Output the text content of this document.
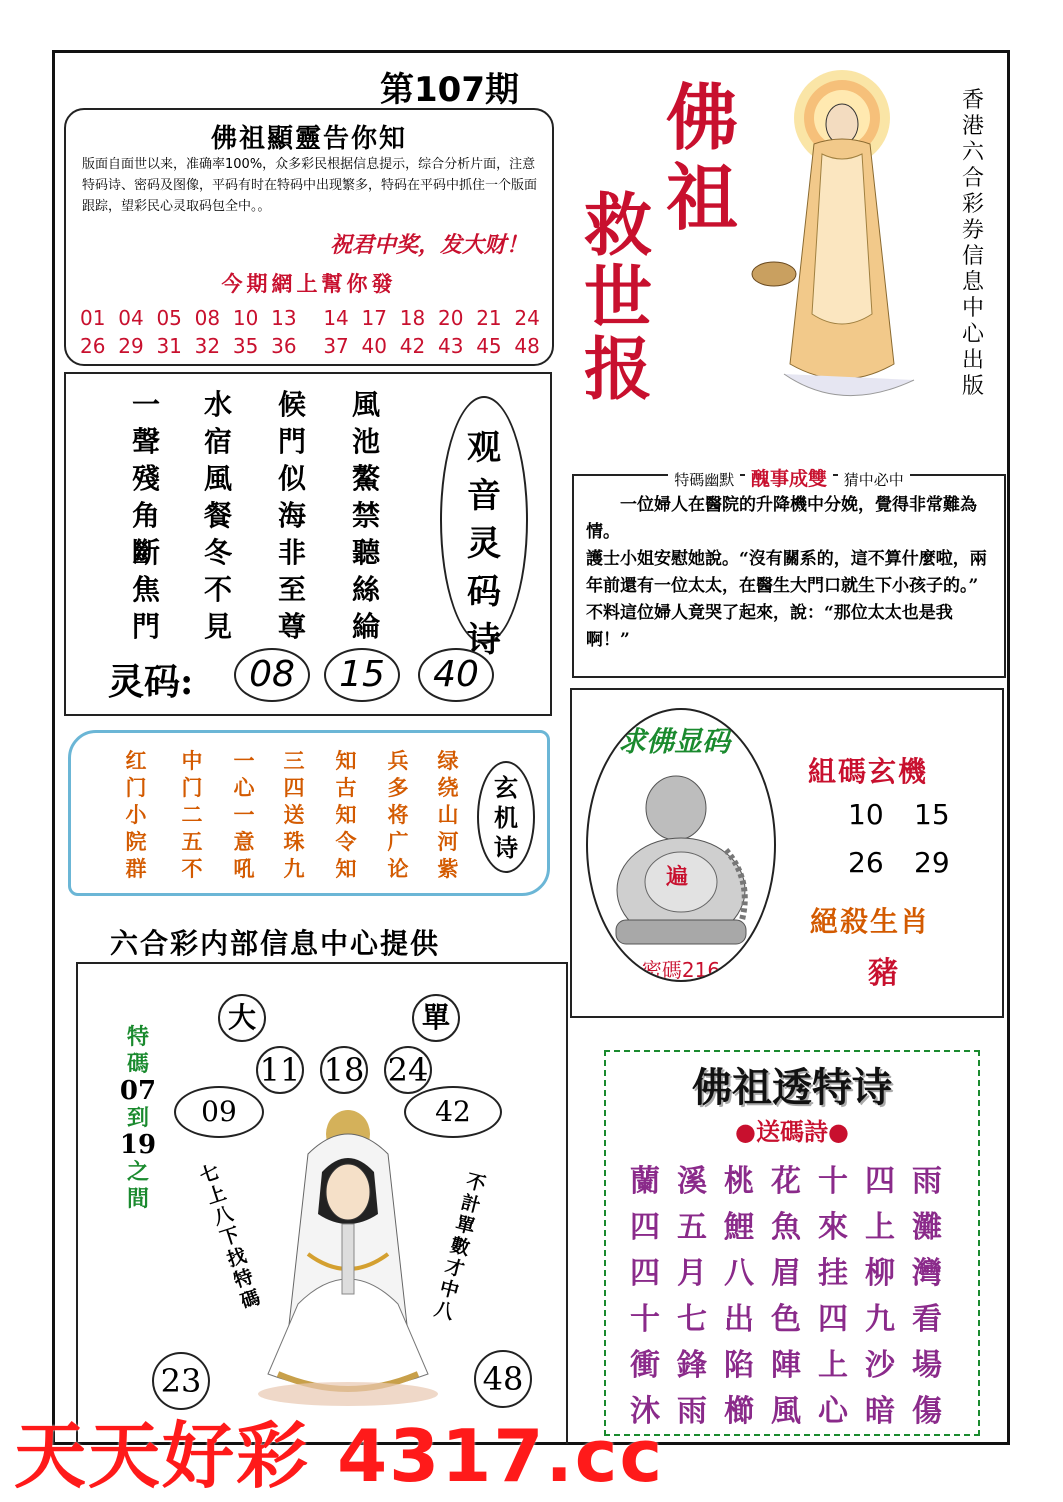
第107期
佛祖顯靈告你知
版面自面世以来，准确率100%，众多彩民根据信息提示，综合分析片面，注意特码诗、密码及图像，平码有时在特码中出现繁多，特码在平码中抓住一个版面跟踪，望彩民心灵取码包全中。。
祝君中奖，发大财！
今期網上幫你發
01 04 05 08 10 13 14 17 18 20 21 24
26 29 31 32 35 36 37 40 42 43 45 48
一聲殘角斷焦門
水宿風餐冬不見
候門似海非至尊
風池鰲禁聽絲綸
观音灵码诗
灵码:	08	15	40
红门小院群
中门二五不
一心一意吼
三四送珠九
知古知令知
兵多将广论
绿绕山河紫
玄机诗
六合彩内部信息中心提供
大	單
11 18 24
09	42
特碼
07
到
19
之間
七上八下找特碼
不計單數才中八
23	48
佛祖
救世报
香港六合彩券信息中心出版
特碼幽默 醜事成雙 猜中必中
一位婦人在醫院的升降機中分娩，覺得非常難為情。
護士小姐安慰她說。“沒有關系的，這不算什麼啦，兩年前還有一位太太，在醫生大門口就生下小孩子的。”
不料這位婦人竟哭了起來，說：“那位太太也是我啊！”
求佛显码
遍
密碼216
組碼玄機
10 15
26 29
絕殺生肖
豬
佛祖透特诗
●送碼詩●
蘭溪桃花十四雨
四五鯉魚來上灘
四月八眉挂柳灣
十七出色四九看
衝鋒陷陣上沙場
沐雨櫛風心暗傷
天天好彩 4317.cc
